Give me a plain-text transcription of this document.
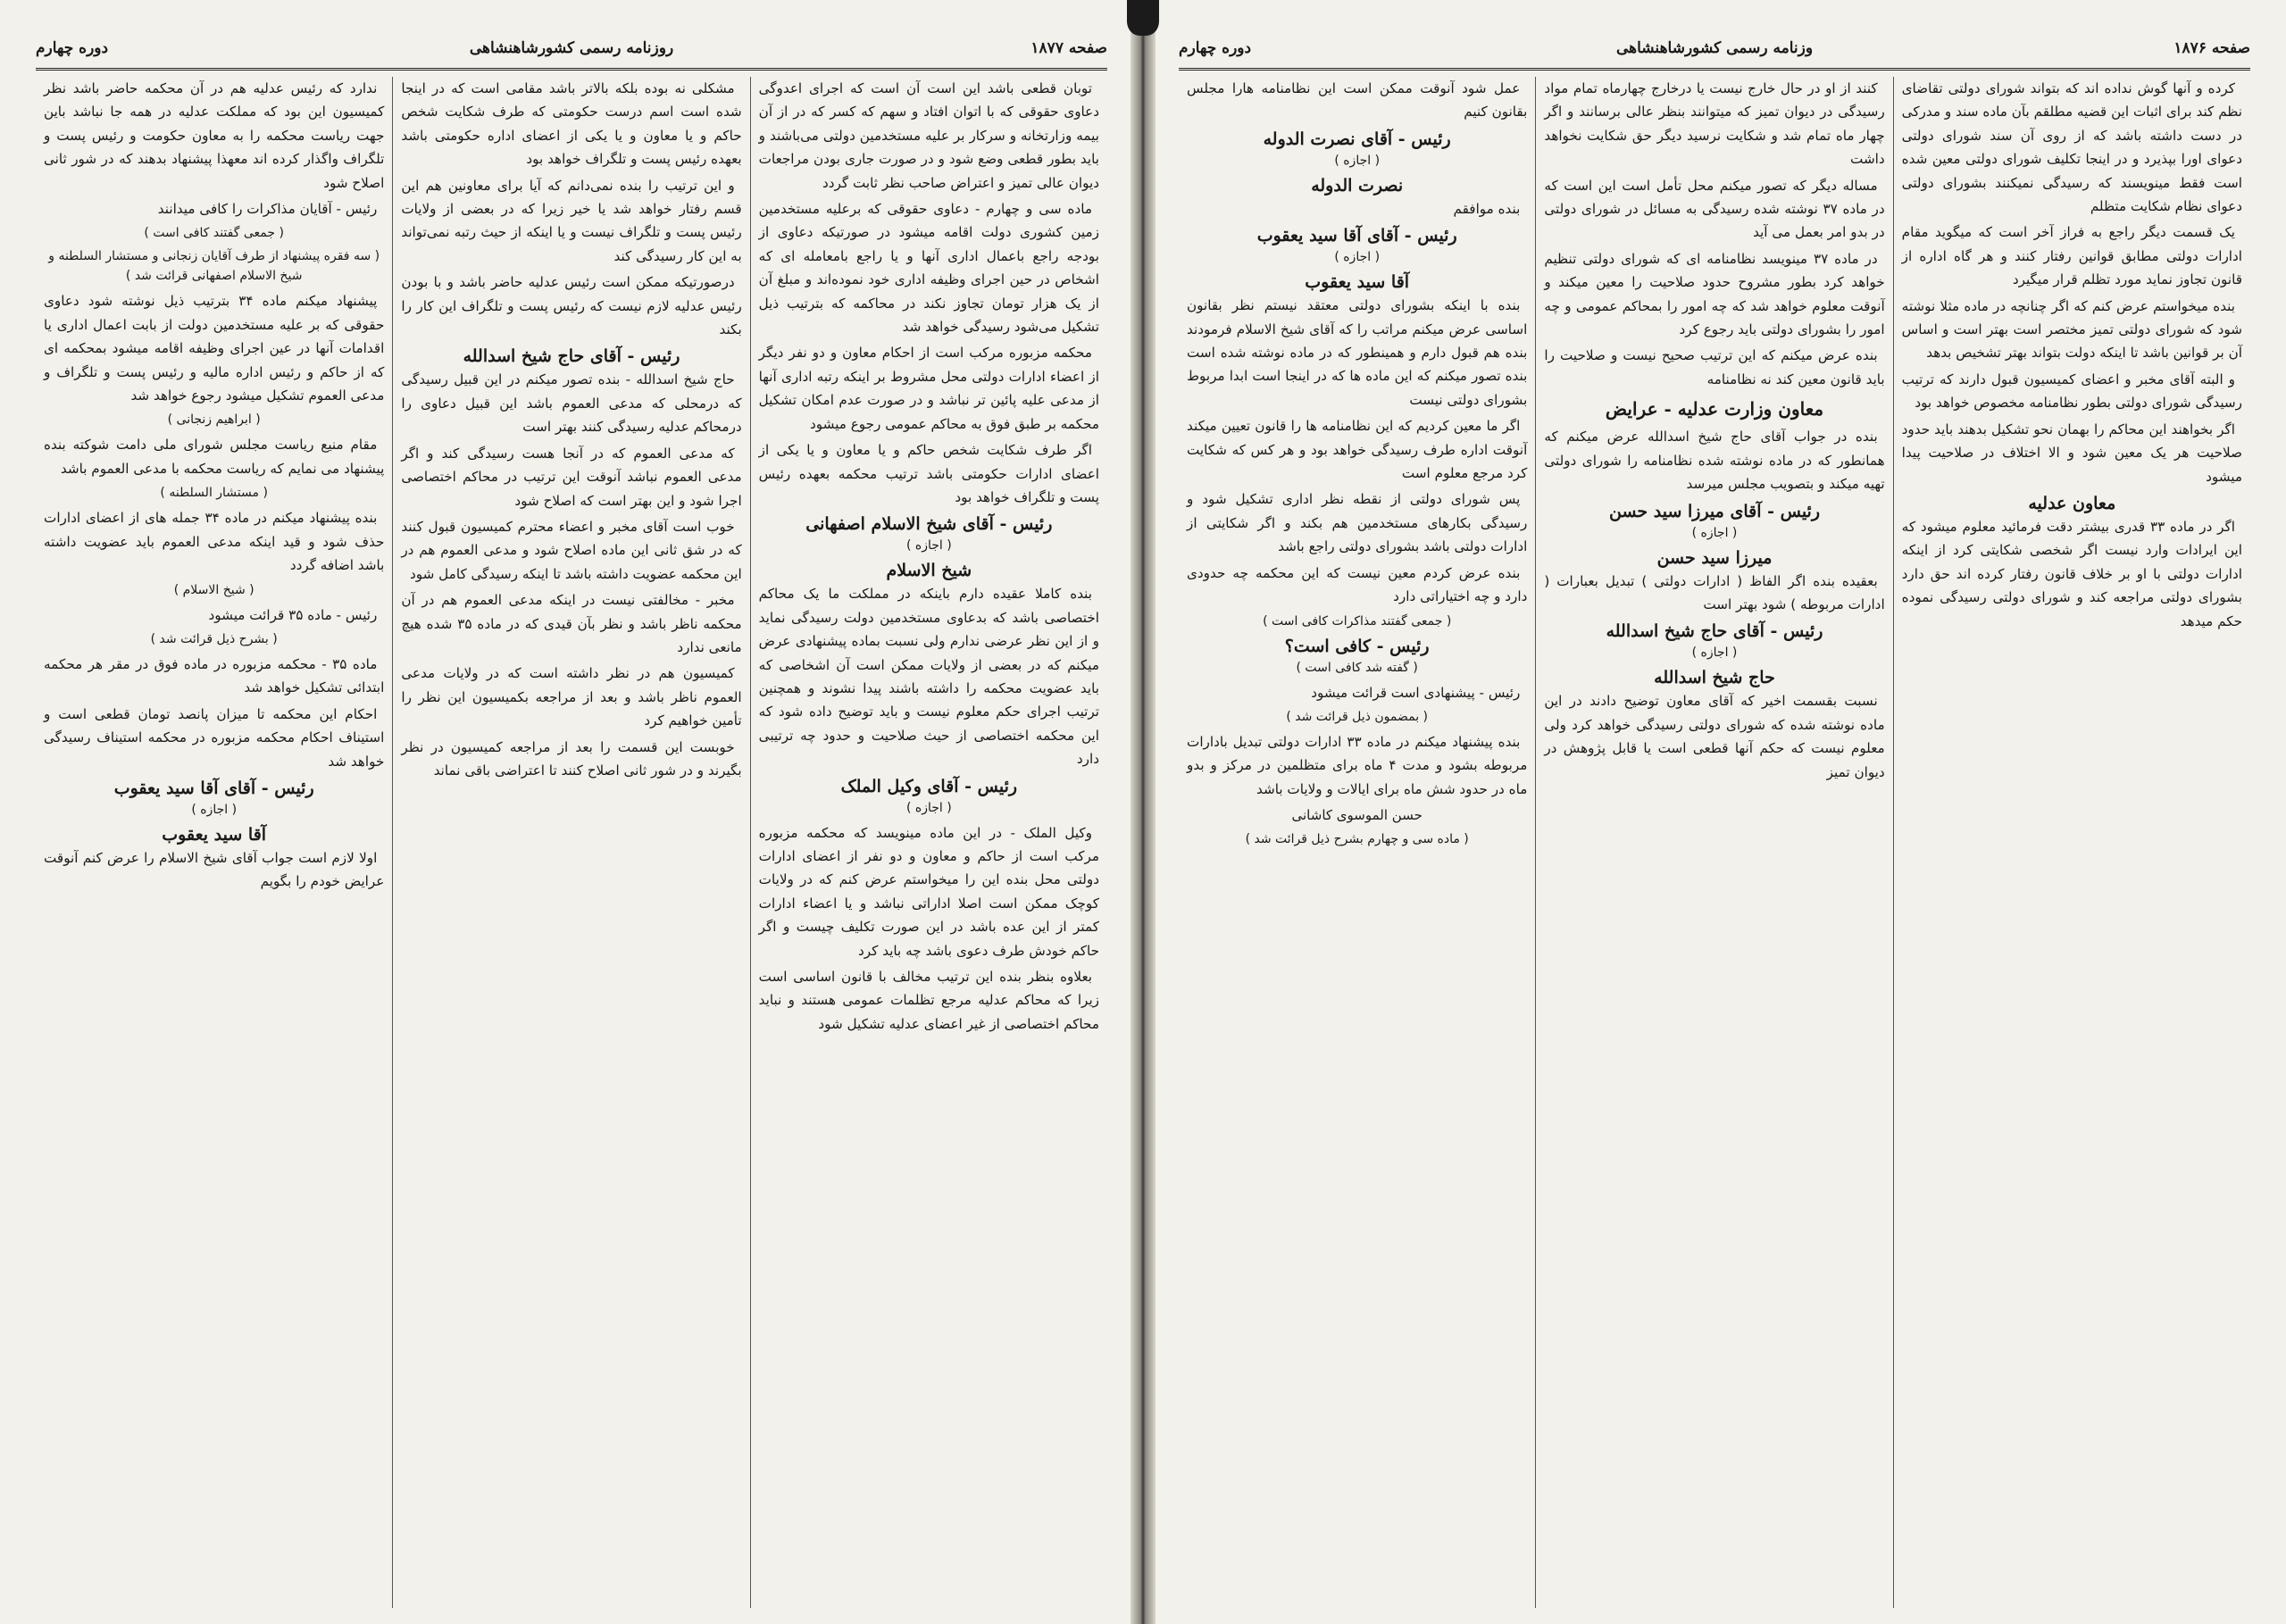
صفحه ۱۸۷۷
روزنامه رسمی کشورشاهنشاهی
دوره چهارم
توبان قطعی باشد این است آن است که اجرای اعدوگی دعاوی حقوقی که با اتوان افتاد و سهم که کسر که در از آن بیمه وزارتخانه و سرکار بر علیه مستخدمین دولتی می‌باشند و باید بطور قطعی وضع شود و در صورت جاری بودن مراجعات دیوان عالی تمیز و اعتراض صاحب نظر ثابت گردد
ماده سی و چهارم - دعاوی حقوقی که برعلیه مستخدمین زمین کشوری دولت اقامه میشود در صورتیکه دعاوی از بودجه راجع باعمال اداری آنها و یا راجع بامعامله ای که اشخاص در حین اجرای وظیفه اداری خود نموده‌اند و مبلغ آن از یک هزار تومان تجاوز نکند در محاکمه که بترتیب ذیل تشکیل می‌شود رسیدگی خواهد شد
محکمه مزبوره مرکب است از احکام معاون و دو نفر دیگر از اعضاء ادارات دولتی محل مشروط بر اینکه رتبه اداری آنها از مدعی علیه پائین تر نباشد و در صورت عدم امکان تشکیل محکمه بر طبق فوق به محاکم عمومی رجوع میشود
اگر طرف شکایت شخص حاکم و یا معاون و یا یکی از اعضای ادارات حکومتی باشد ترتیب محکمه بعهده رئیس پست و تلگراف خواهد بود
رئیس - آقای شیخ الاسلام اصفهانی
( اجازه )
شیخ الاسلام
بنده کاملا عقیده دارم باینکه در مملکت ما یک محاکم اختصاصی باشد که بدعاوی مستخدمین دولت رسیدگی نماید و از این نظر عرضی ندارم ولی نسبت بماده پیشنهادی عرض میکنم که در بعضی از ولایات ممکن است آن اشخاصی که باید عضویت محکمه را داشته باشند پیدا نشوند و همچنین ترتیب اجرای حکم معلوم نیست و باید توضیح داده شود که این محکمه اختصاصی از حیث صلاحیت و حدود چه ترتیبی دارد
رئیس - آقای وکیل الملک
( اجازه )
وکیل الملک - در این ماده مینویسد که محکمه مزبوره مرکب است از حاکم و معاون و دو نفر از اعضای ادارات دولتی محل بنده این را میخواستم عرض کنم که در ولایات کوچک ممکن است اصلا اداراتی نباشد و یا اعضاء ادارات کمتر از این عده باشد در این صورت تکلیف چیست و اگر حاکم خودش طرف دعوی باشد چه باید کرد
بعلاوه بنظر بنده این ترتیب مخالف با قانون اساسی است زیرا که محاکم عدلیه مرجع تظلمات عمومی هستند و نباید محاکم اختصاصی از غیر اعضای عدلیه تشکیل شود
مشکلی نه بوده بلکه بالاتر باشد مقامی است که در اینجا شده است اسم درست حکومتی که طرف شکایت شخص حاکم و یا معاون و یا یکی از اعضای اداره حکومتی باشد بعهده رئیس پست و تلگراف خواهد بود
و این ترتیب را بنده نمی‌دانم که آیا برای معاونین هم این قسم رفتار خواهد شد یا خیر زیرا که در بعضی از ولایات رئیس پست و تلگراف نیست و یا اینکه از حیث رتبه نمی‌تواند به این کار رسیدگی کند
درصورتیکه ممکن است رئیس عدلیه حاضر باشد و با بودن رئیس عدلیه لازم نیست که رئیس پست و تلگراف این کار را بکند
رئیس - آقای حاج شیخ اسدالله
حاج شیخ اسدالله - بنده تصور میکنم در این قبیل رسیدگی که درمحلی که مدعی العموم باشد این قبیل دعاوی را درمحاکم عدلیه رسیدگی کنند بهتر است
که مدعی العموم که در آنجا هست رسیدگی کند و اگر مدعی العموم نباشد آنوقت این ترتیب در محاکم اختصاصی اجرا شود و این بهتر است که اصلاح شود
خوب است آقای مخبر و اعضاء محترم کمیسیون قبول کنند که در شق ثانی این ماده اصلاح شود و مدعی العموم هم در این محکمه عضویت داشته باشد تا اینکه رسیدگی کامل شود
مخبر - مخالفتی نیست در اینکه مدعی العموم هم در آن محکمه ناظر باشد و نظر بآن قیدی که در ماده ۳۵ شده هیچ مانعی ندارد
کمیسیون هم در نظر داشته است که در ولایات مدعی العموم ناظر باشد و بعد از مراجعه بکمیسیون این نظر را تأمین خواهیم کرد
خوبست این قسمت را بعد از مراجعه کمیسیون در نظر بگیرند و در شور ثانی اصلاح کنند تا اعتراضی باقی نماند
ندارد که رئیس عدلیه هم در آن محکمه حاضر باشد نظر کمیسیون این بود که مملکت عدلیه در همه جا نباشد باین جهت ریاست محکمه را به معاون حکومت و رئیس پست و تلگراف واگذار کرده اند معهذا پیشنهاد بدهند که در شور ثانی اصلاح شود
رئیس - آقایان مذاکرات را کافی میدانند
( جمعی گفتند کافی است )
( سه فقره پیشنهاد از طرف آقایان زنجانی و مستشار السلطنه و شیخ الاسلام اصفهانی قرائت شد )
پیشنهاد میکنم ماده ۳۴ بترتیب ذیل نوشته شود دعاوی حقوقی که بر علیه مستخدمین دولت از بابت اعمال اداری یا اقدامات آنها در عین اجرای وظیفه اقامه میشود بمحکمه ای که از حاکم و رئیس اداره مالیه و رئیس پست و تلگراف و مدعی العموم تشکیل میشود رجوع خواهد شد
( ابراهیم زنجانی )
مقام منیع ریاست مجلس شورای ملی دامت شوکته بنده پیشنهاد می نمایم که ریاست محکمه با مدعی العموم باشد
( مستشار السلطنه )
بنده پیشنهاد میکنم در ماده ۳۴ جمله های از اعضای ادارات حذف شود و قید اینکه مدعی العموم باید عضویت داشته باشد اضافه گردد
( شیخ الاسلام )
رئیس - ماده ۳۵ قرائت میشود
( بشرح ذیل قرائت شد )
ماده ۳۵ - محکمه مزبوره در ماده فوق در مقر هر محکمه ابتدائی تشکیل خواهد شد
احکام این محکمه تا میزان پانصد تومان قطعی است و استیناف احکام محکمه مزبوره در محکمه استیناف رسیدگی خواهد شد
رئیس - آقای آقا سید یعقوب
( اجازه )
آقا سید یعقوب
اولا لازم است جواب آقای شیخ الاسلام را عرض کنم آنوقت عرایض خودم را بگویم
صفحه ۱۸۷۶
وزنامه رسمی کشورشاهنشاهی
دوره چهارم
کرده و آنها گوش نداده اند که بتواند شورای دولتی تقاضای نظم کند برای اثبات این قضیه مطلقم بآن ماده سند و مدرکی در دست داشته باشد که از روی آن سند شورای دولتی دعوای اورا بپذیرد و در اینجا تکلیف شورای دولتی معین شده است فقط مینویسند که رسیدگی نمیکنند بشورای دولتی دعوای نظام شکایت متظلم
یک قسمت دیگر راجع به فراز آخر است که میگوید مقام ادارات دولتی مطابق قوانین رفتار کنند و هر گاه اداره از قانون تجاوز نماید مورد تظلم قرار میگیرد
بنده میخواستم عرض کنم که اگر چنانچه در ماده مثلا نوشته شود که شورای دولتی تمیز مختصر است بهتر است و اساس آن بر قوانین باشد تا اینکه دولت بتواند بهتر تشخیص بدهد
و البته آقای مخبر و اعضای کمیسیون قبول دارند که ترتیب رسیدگی شورای دولتی بطور نظامنامه مخصوص خواهد بود
اگر بخواهند این محاکم را بهمان نحو تشکیل بدهند باید حدود صلاحیت هر یک معین شود و الا اختلاف در صلاحیت پیدا میشود
معاون عدلیه
اگر در ماده ۳۳ قدری بیشتر دقت فرمائید معلوم میشود که این ایرادات وارد نیست اگر شخصی شکایتی کرد از اینکه ادارات دولتی با او بر خلاف قانون رفتار کرده اند حق دارد بشورای دولتی مراجعه کند و شورای دولتی رسیدگی نموده حکم میدهد
کنند از او در حال خارج نیست یا درخارج چهارماه تمام مواد رسیدگی در دیوان تمیز که میتوانند بنظر عالی برسانند و اگر چهار ماه تمام شد و شکایت نرسید دیگر حق شکایت نخواهد داشت
مساله دیگر که تصور میکنم محل تأمل است این است که در ماده ۳۷ نوشته شده رسیدگی به مسائل در شورای دولتی در بدو امر بعمل می آید
در ماده ۳۷ مینویسد نظامنامه ای که شورای دولتی تنظیم خواهد کرد بطور مشروح حدود صلاحیت را معین میکند و آنوقت معلوم خواهد شد که چه امور را بمحاکم عمومی و چه امور را بشورای دولتی باید رجوع کرد
بنده عرض میکنم که این ترتیب صحیح نیست و صلاحیت را باید قانون معین کند نه نظامنامه
معاون وزارت عدلیه - عرایض
بنده در جواب آقای حاج شیخ اسدالله عرض میکنم که همانطور که در ماده نوشته شده نظامنامه را شورای دولتی تهیه میکند و بتصویب مجلس میرسد
رئیس - آقای میرزا سید حسن
( اجازه )
میرزا سید حسن
بعقیده بنده اگر الفاظ ( ادارات دولتی ) تبدیل بعبارات ( ادارات مربوطه ) شود بهتر است
رئیس - آقای حاج شیخ اسدالله
( اجازه )
حاج شیخ اسدالله
نسبت بقسمت اخیر که آقای معاون توضیح دادند در این ماده نوشته شده که شورای دولتی رسیدگی خواهد کرد ولی معلوم نیست که حکم آنها قطعی است یا قابل پژوهش در دیوان تمیز
عمل شود آنوقت ممکن است این نظامنامه هارا مجلس بقانون کنیم
رئیس - آقای نصرت الدوله
( اجازه )
نصرت الدوله
بنده موافقم
رئیس - آقای آقا سید یعقوب
( اجازه )
آقا سید یعقوب
بنده با اینکه بشورای دولتی معتقد نیستم نظر بقانون اساسی عرض میکنم مراتب را که آقای شیخ الاسلام فرمودند بنده هم قبول دارم و همینطور که در ماده نوشته شده است بنده تصور میکنم که این ماده ها که در اینجا است ابدا مربوط بشورای دولتی نیست
اگر ما معین کردیم که این نظامنامه ها را قانون تعیین میکند آنوقت اداره طرف رسیدگی خواهد بود و هر کس که شکایت کرد مرجع معلوم است
پس شورای دولتی از نقطه نظر اداری تشکیل شود و رسیدگی بکارهای مستخدمین هم بکند و اگر شکایتی از ادارات دولتی باشد بشورای دولتی راجع باشد
بنده عرض کردم معین نیست که این محکمه چه حدودی دارد و چه اختیاراتی دارد
( جمعی گفتند مذاکرات کافی است )
رئیس - کافی است؟
( گفته شد کافی است )
رئیس - پیشنهادی است قرائت میشود
( بمضمون ذیل قرائت شد )
بنده پیشنهاد میکنم در ماده ۳۳ ادارات دولتی تبدیل بادارات مربوطه بشود و مدت ۴ ماه برای متظلمین در مرکز و بدو ماه در حدود شش ماه برای ایالات و ولایات باشد
حسن الموسوی کاشانی
( ماده سی و چهارم بشرح ذیل قرائت شد )
